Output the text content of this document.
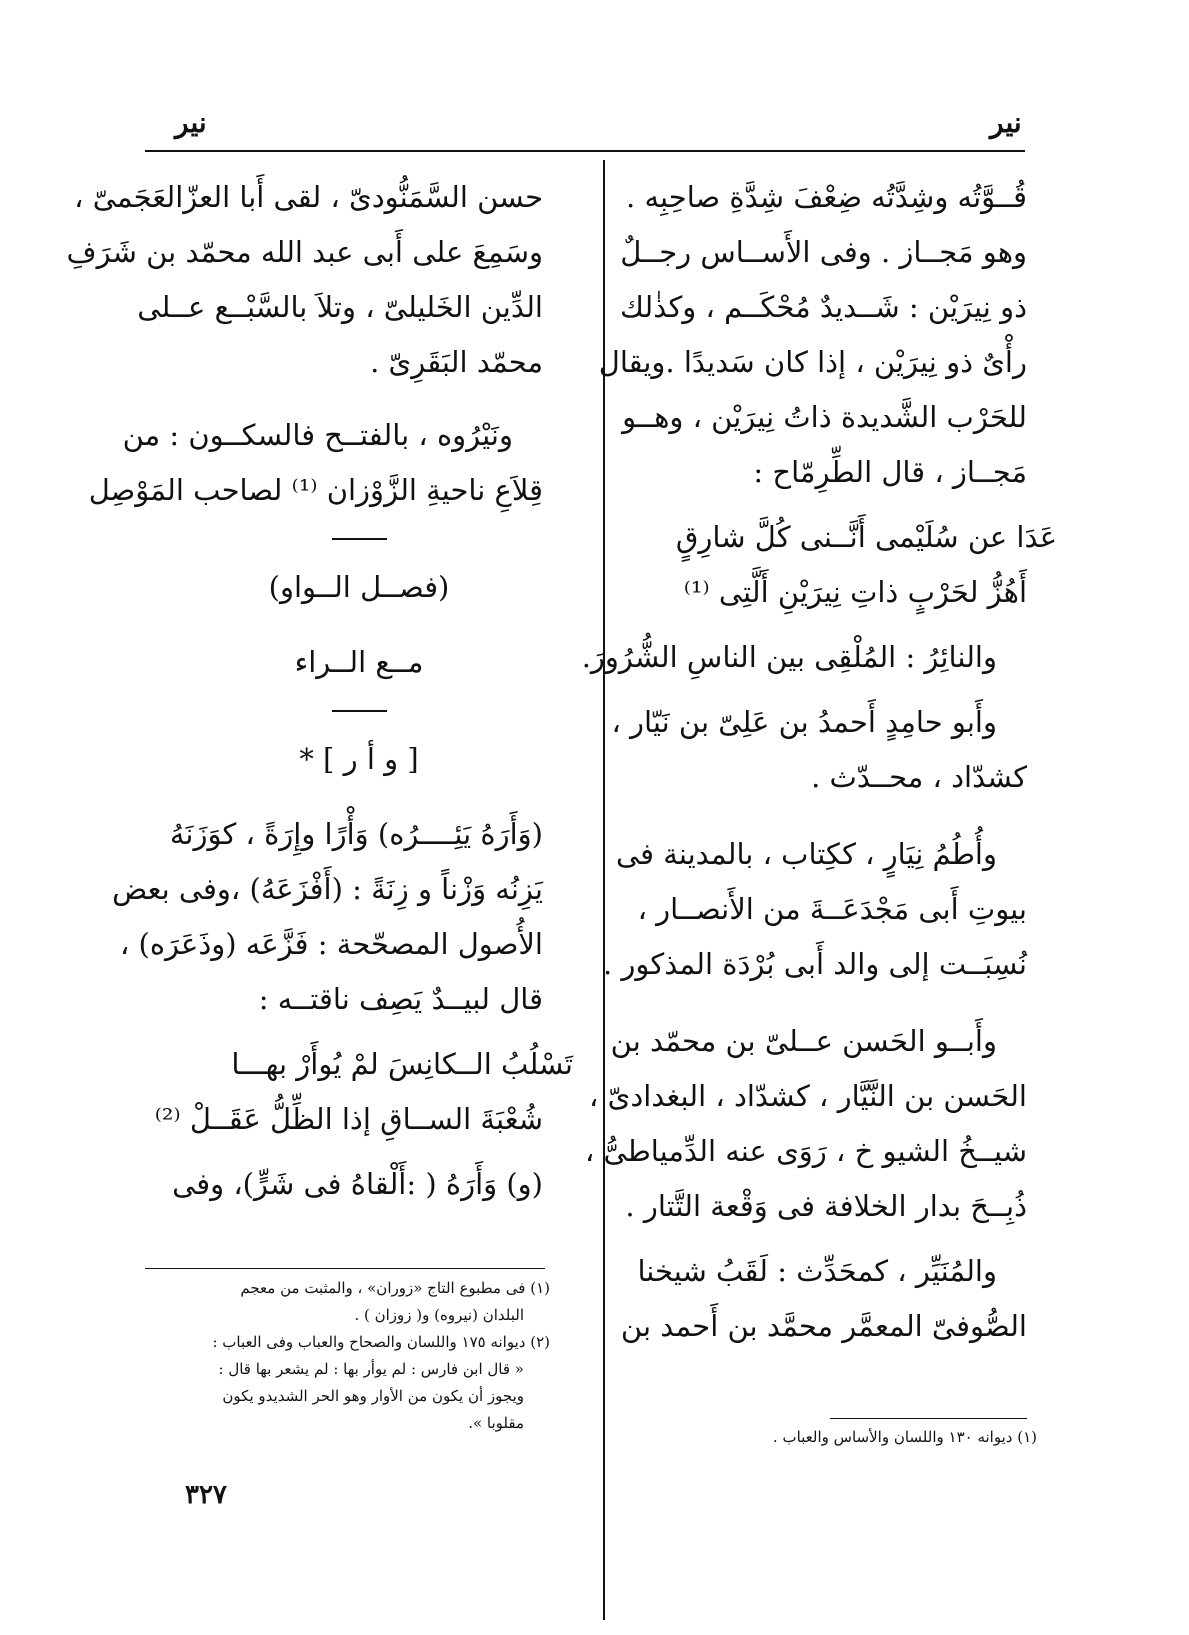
نير
نير
قُــوَّتُه وشِدَّتُه ضِعْفَ شِدَّةِ صاحِبِه .
وهو مَجــاز . وفى الأَســاس رجــلٌ
ذو نِيرَيْن : شَــديدٌ مُحْكَــم ، وكذٰلك
رأْىٌ ذو نِيرَيْن ، إذا كان سَديدًا .ويقال
للحَرْب الشَّديدة ذاتُ نِيرَيْن ، وهــو
مَجــاز ، قال الطِّرِمّاح :
عَدَا عن سُلَيْمى أَنَّــنى كُلَّ شارِقٍ
أَهُزُّ لحَرْبٍ ذاتِ نِيرَيْنِ أَلَّتِى ⁽¹⁾
والنائِرُ : المُلْقِى بين الناسِ الشُّرُورَ.
وأَبو حامِدٍ أَحمدُ بن عَلِىّ بن نَيّار ،
كشدّاد ، محــدّث .
وأُطُمُ نِيَارٍ ، ككِتاب ، بالمدينة فى
بيوتِ أَبى مَجْدَعَــةَ من الأَنصــار ،
نُسِبَــت إلى والد أَبى بُرْدَة المذكور .
وأَبــو الحَسن عــلىّ بن محمّد بن
الحَسن بن النَّيَّار ، كشدّاد ، البغدادىّ ،
شيــخُ الشيو خ ، رَوَى عنه الدِّمياطىُّ ،
ذُبِــحَ بدار الخلافة فى وَقْعة التَّتار .
والمُنَيِّر ، كمحَدِّث : لَقَبُ شيخنا
الصُّوفىّ المعمَّر محمَّد بن أَحمد بن
(١) ديوانه ١٣٠ واللسان والأساس والعباب .
حسن السَّمَنُّودىّ ، لقى أَبا العزّالعَجَمىّ ،
وسَمِعَ على أَبى عبد الله محمّد بن شَرَفِ
الدِّين الخَليلىّ ، وتلاَ بالسَّبْــع عــلى
محمّد البَقَرِىّ .
ونَيْرُوه ، بالفتــح فالسكــون : من
قِلاَعِ ناحيةِ الزَّوْزان ⁽¹⁾ لصاحب المَوْصِل
(فصــل الــواو)
مــع الــراء
[ و أ ر ] *
(وَأَرَهُ يَئِــــرُه) وَأْرًا وإِرَةً ، كوَزَنَهُ
يَزِنُه وَزْناً و زِنَةً : (أَفْزَعَهُ) ،وفى بعض
الأُصول المصحّحة : فَزَّعَه (وذَعَرَه) ،
قال لبيــدٌ يَصِف ناقتــه :
تَسْلُبُ الــكانِسَ لمْ يُوأَرْ بهـــا
شُعْبَةَ الســاقِ إذا الظِّلُّ عَقَــلْ ⁽²⁾
(و) وَأَرَهُ ( :أَلْقاهُ فى شَرٍّ)، وفى
(١) فى مطبوع التاج «زوران» ، والمثبت من معجم
البلدان (نيروه) و( زوزان ) .
(٢) ديوانه ١٧٥ واللسان والصحاح والعباب وفى العباب :
« قال ابن فارس : لم يوأر بها : لم يشعر بها قال :
ويجوز أن يكون من الأوار وهو الحر الشديدو يكون
مقلوبا ».
٣٢٧
